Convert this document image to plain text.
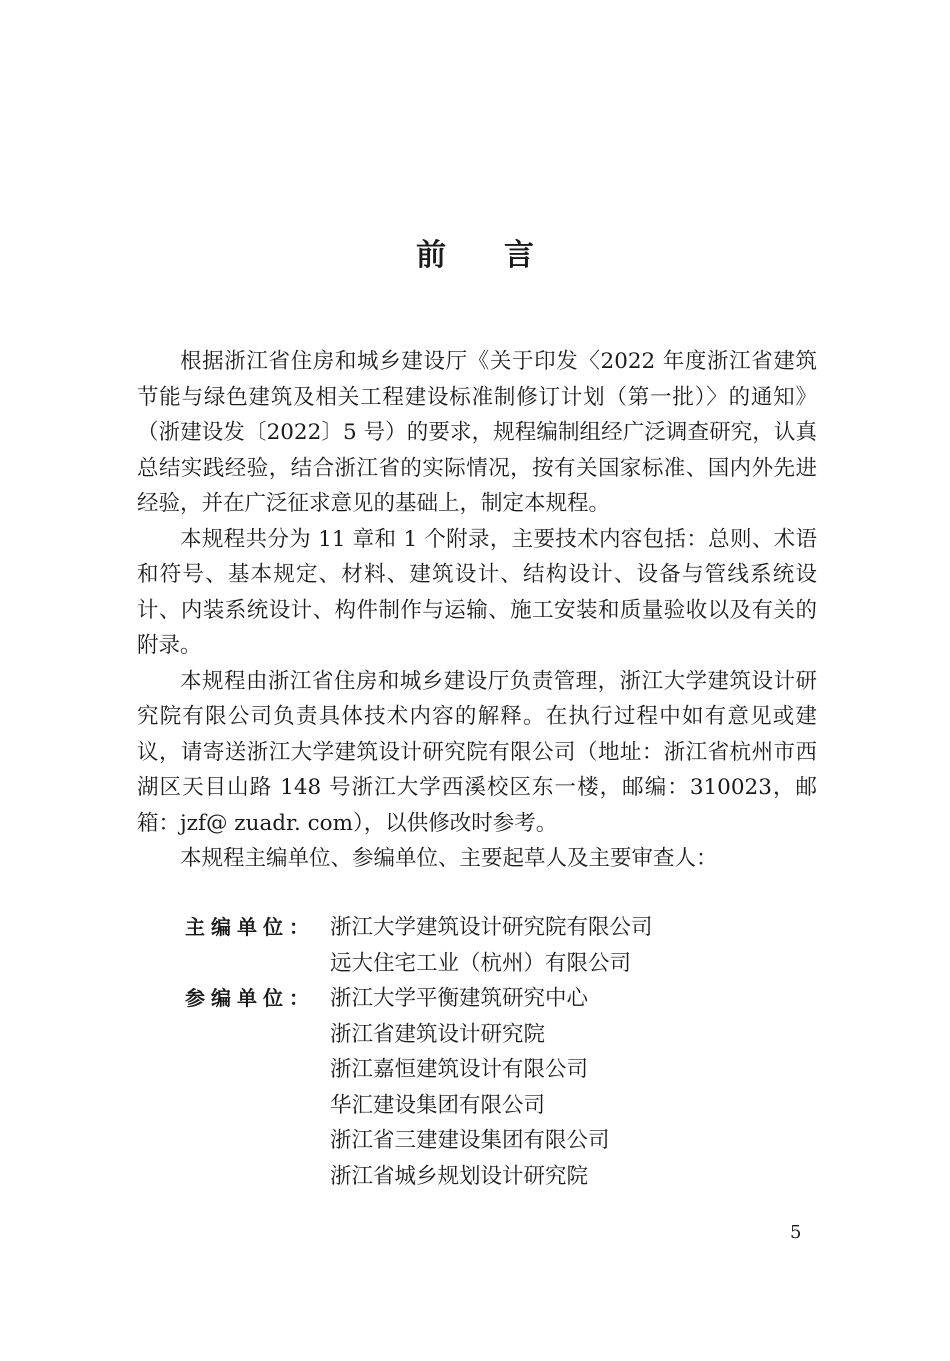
前言

根据浙江省住房和城乡建设厅《关于印发〈2022 年度浙江省建筑节能与绿色建筑及相关工程建设标准制修订计划（第一批）〉的通知》（浙建设发〔2022〕5 号）的要求，规程编制组经广泛调查研究，认真总结实践经验，结合浙江省的实际情况，按有关国家标准、国内外先进经验，并在广泛征求意见的基础上，制定本规程。

本规程共分为 11 章和 1 个附录，主要技术内容包括：总则、术语和符号、基本规定、材料、建筑设计、结构设计、设备与管线系统设计、内装系统设计、构件制作与运输、施工安装和质量验收以及有关的附录。

本规程由浙江省住房和城乡建设厅负责管理，浙江大学建筑设计研究院有限公司负责具体技术内容的解释。在执行过程中如有意见或建议，请寄送浙江大学建筑设计研究院有限公司（地址：浙江省杭州市西湖区天目山路 148 号浙江大学西溪校区东一楼，邮编：310023，邮箱：jzf@ zuadr. com），以供修改时参考。

本规程主编单位、参编单位、主要起草人及主要审查人：

主编单位： 浙江大学建筑设计研究院有限公司
远大住宅工业（杭州）有限公司
参编单位： 浙江大学平衡建筑研究中心
浙江省建筑设计研究院
浙江嘉恒建筑设计有限公司
华汇建设集团有限公司
浙江省三建建设集团有限公司
浙江省城乡规划设计研究院
5
